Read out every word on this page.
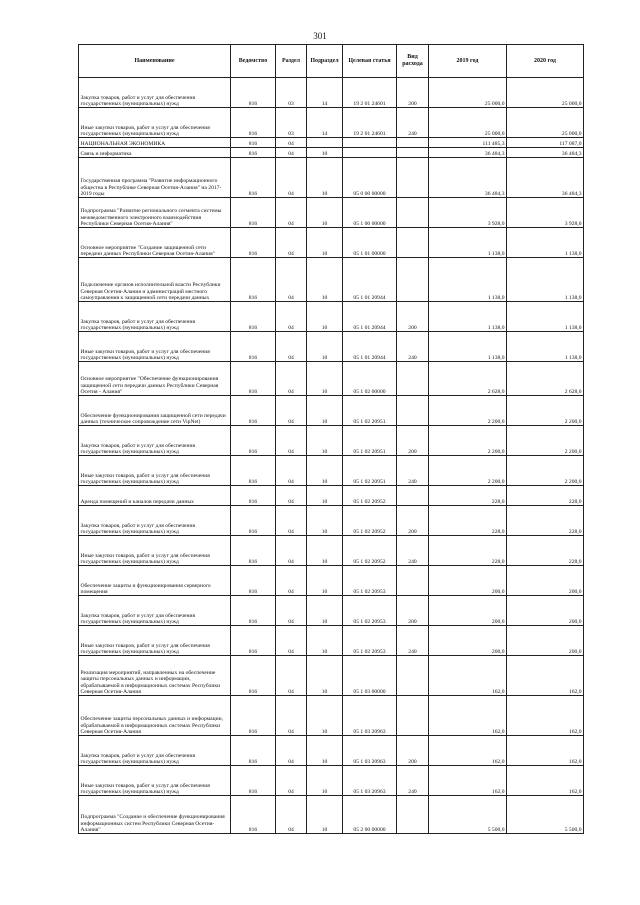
301
Наименование	Ведомство	Раздел	Подраздел	Целевая статья	Вид расхода	2019 год	2020 год
Закупка товаров, работ и услуг для обеспечения государственных (муниципальных) нужд	816	03	14	19 2 01 24601	200	25 000,0	25 000,0
Иные закупки товаров, работ и услуг для обеспечения государственных (муниципальных) нужд	816	03	14	19 2 01 24601	240	25 000,0	25 000,0
НАЦИОНАЛЬНАЯ ЭКОНОМИКА	816	04				111 485,3	117 087,0
Связь и информатика	816	04	10			36 484,3	36 484,3
Государственная программа "Развитие информационного общества в Республике Северная Осетия-Алания" на 2017-2019 годы	816	04	10	05 0 00 00000		36 484,3	36 484,3
Подпрограмма "Развитие регионального сегмента системы межведомственного электронного взаимодействия Республики Северная Осетия-Алания"	816	04	10	05 1 00 00000		3 928,0	3 928,0
Основное мероприятие "Создание защищенной сети передачи данных Республики Северная Осетия-Алания"	816	04	10	05 1 01 00000		1 138,0	1 138,0
Подключение органов исполнительной власти Республики Северная Осетия-Алания и администраций местного самоуправления к защищенной сети передачи данных	816	04	10	05 1 01 20944		1 138,0	1 138,0
Закупка товаров, работ и услуг для обеспечения государственных (муниципальных) нужд	816	04	10	05 1 01 20944	200	1 138,0	1 138,0
Иные закупки товаров, работ и услуг для обеспечения государственных (муниципальных) нужд	816	04	10	05 1 01 20944	240	1 138,0	1 138,0
Основное мероприятие "Обеспечение функционирования защищенной сети передачи данных Республики Северная Осетия - Алания"	816	04	10	05 1 02 00000		2 628,0	2 628,0
Обеспечение функционирования защищенной сети передачи данных (техническое сопровождение сети VipNet)	816	04	10	05 1 02 20951		2 200,0	2 200,0
Закупка товаров, работ и услуг для обеспечения государственных (муниципальных) нужд	816	04	10	05 1 02 20951	200	2 200,0	2 200,0
Иные закупки товаров, работ и услуг для обеспечения государственных (муниципальных) нужд	816	04	10	05 1 02 20951	240	2 200,0	2 200,0
Аренда помещений и каналов передачи данных	816	04	10	05 1 02 20952		228,0	228,0
Закупка товаров, работ и услуг для обеспечения государственных (муниципальных) нужд	816	04	10	05 1 02 20952	200	228,0	228,0
Иные закупки товаров, работ и услуг для обеспечения государственных (муниципальных) нужд	816	04	10	05 1 02 20952	240	228,0	228,0
Обеспечение защиты и функционирования серверного помещения	816	04	10	05 1 02 20953		200,0	200,0
Закупка товаров, работ и услуг для обеспечения государственных (муниципальных) нужд	816	04	10	05 1 02 20953	200	200,0	200,0
Иные закупки товаров, работ и услуг для обеспечения государственных (муниципальных) нужд	816	04	10	05 1 02 20953	240	200,0	200,0
Реализация мероприятий, направленных на обеспечение защиты персональных данных и информации, обрабатываемой в информационных системах Республики Северная Осетия-Алания	816	04	10	05 1 03 00000		162,0	162,0
Обеспечение защиты персональных данных и информации, обрабатываемой в информационных системах Республики Северная Осетия-Алания	816	04	10	05 1 03 20963		162,0	162,0
Закупка товаров, работ и услуг для обеспечения государственных (муниципальных) нужд	816	04	10	05 1 03 20963	200	162,0	162,0
Иные закупки товаров, работ и услуг для обеспечения государственных (муниципальных) нужд	816	04	10	05 1 03 20963	240	162,0	162,0
Подпрограмма "Создание и обеспечение функционирования информационных систем Республики Северная Осетия-Алания"	816	04	10	05 2 00 00000		5 500,0	5 500,0
